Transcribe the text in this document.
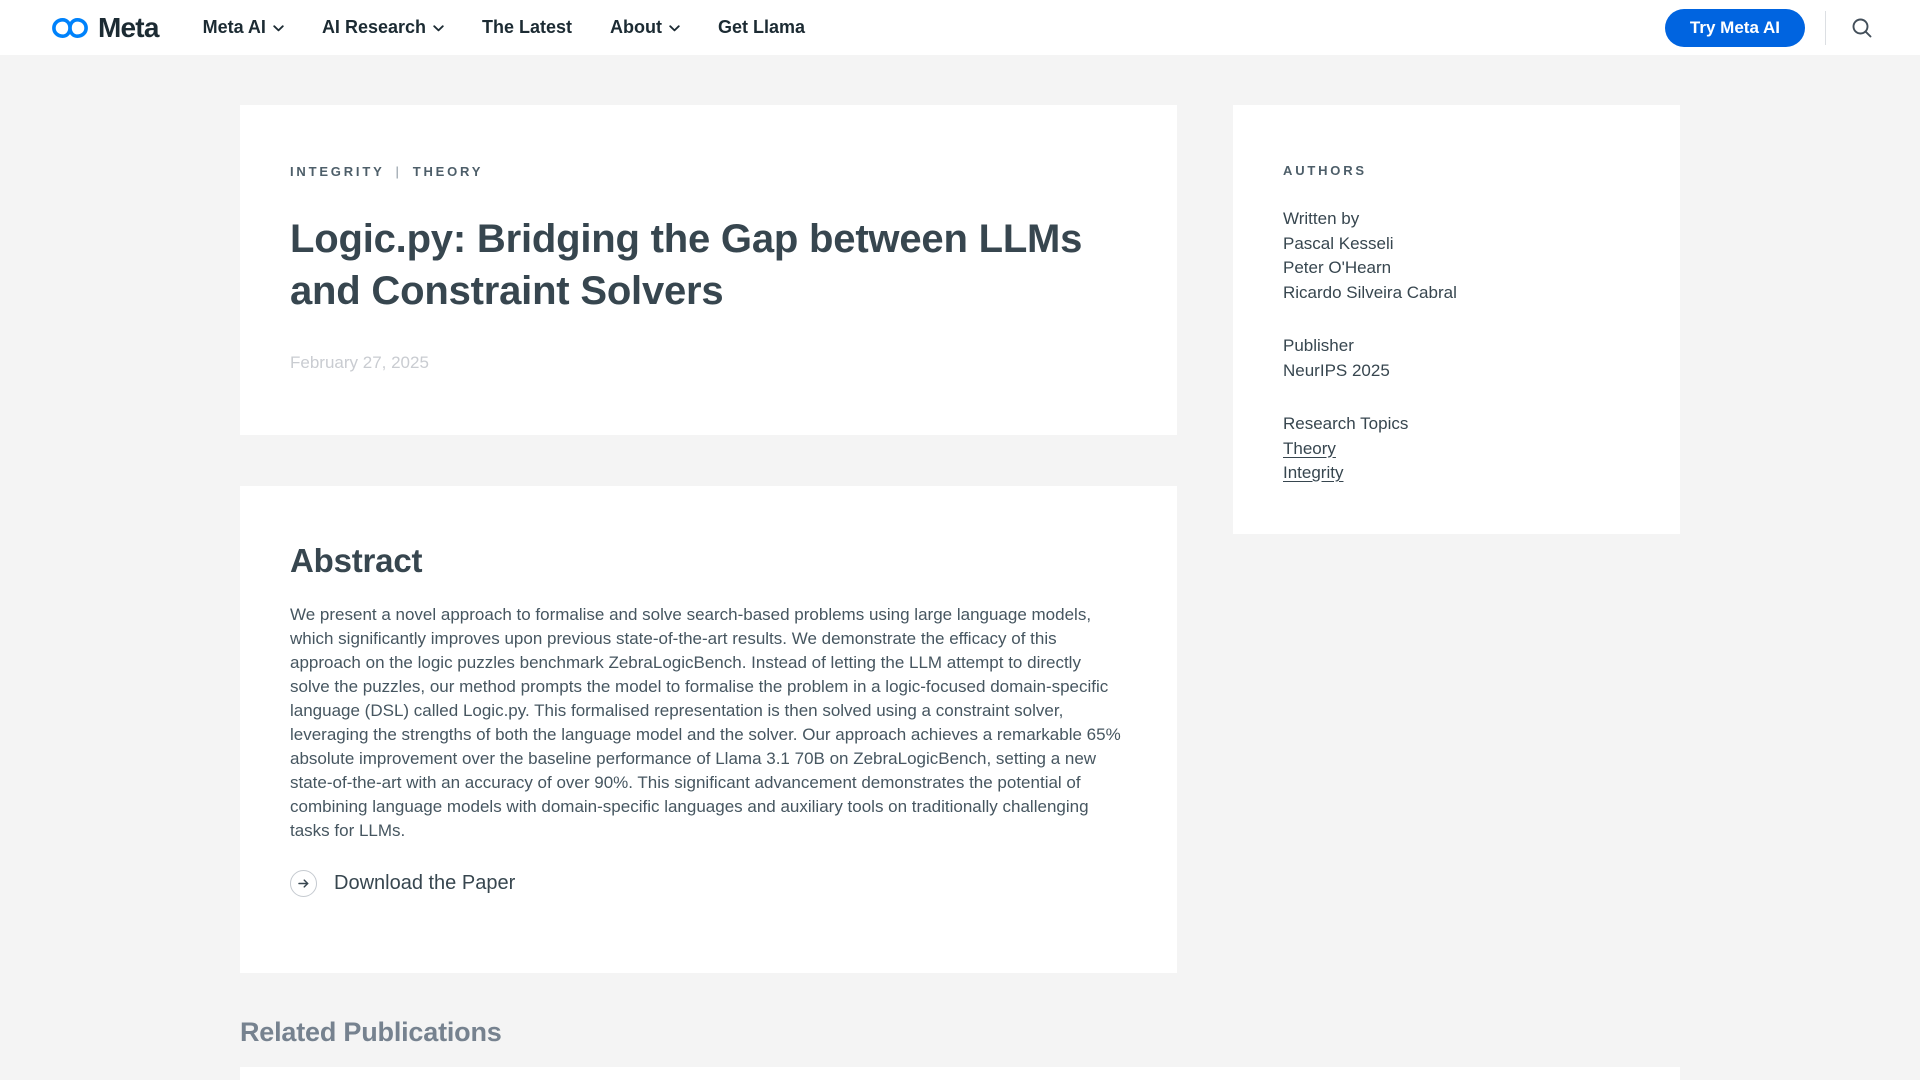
Meta Meta AI	AI Research	The Latest About	Get Llama	Try Meta AI
INTEGRITY | THEORY
Logic.py: Bridging the Gap between LLMs and Constraint Solvers
February 27, 2025
Abstract

We present a novel approach to formalise and solve search-based problems using large language models, which significantly improves upon previous state-of-the-art results. We demonstrate the efficacy of this approach on the logic puzzles benchmark ZebraLogicBench. Instead of letting the LLM attempt to directly solve the puzzles, our method prompts the model to formalise the problem in a logic-focused domain-specific language (DSL) called Logic.py. This formalised representation is then solved using a constraint solver, leveraging the strengths of both the language model and the solver. Our approach achieves a remarkable 65% absolute improvement over the baseline performance of Llama 3.1 70B on ZebraLogicBench, setting a new state-of-the-art with an accuracy of over 90%. This significant advancement demonstrates the potential of combining language models with domain-specific languages and auxiliary tools on traditionally challenging tasks for LLMs.

Download the Paper
Related Publications
AUTHORS
Written by
Pascal Kesseli
Peter O'Hearn
Ricardo Silveira Cabral
Publisher
NeurIPS 2025
Research Topics
Theory
Integrity
